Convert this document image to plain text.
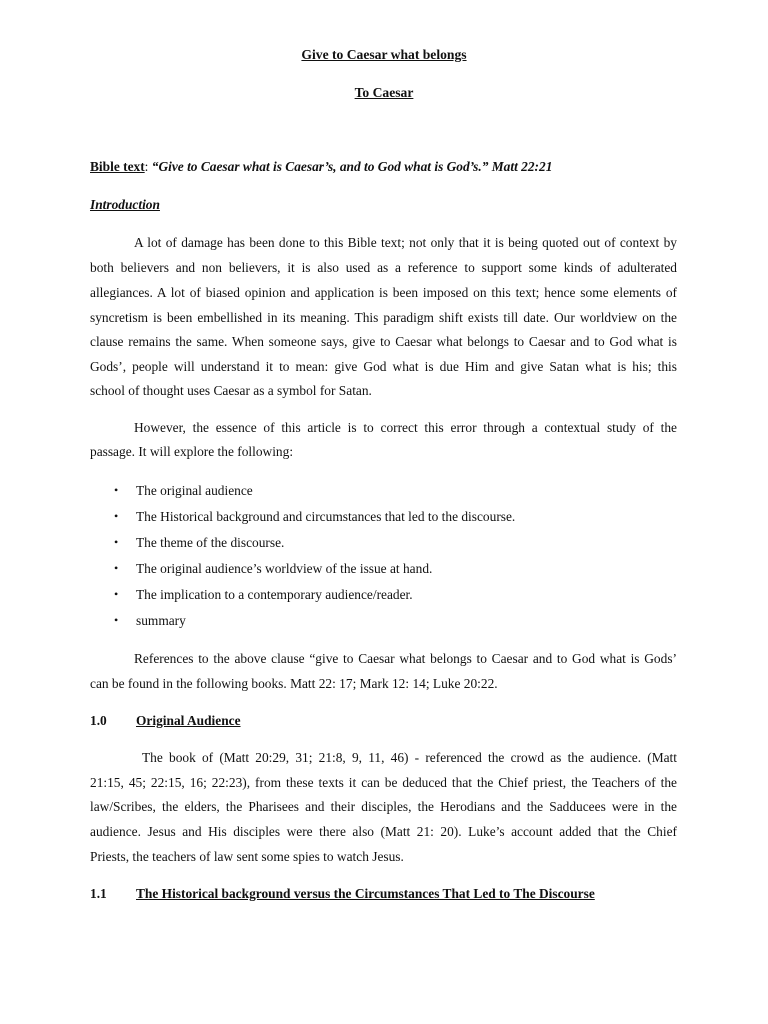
Give to Caesar what belongs
To Caesar
Bible text: “Give to Caesar what is Caesar’s, and to God what is God’s.” Matt 22:21
Introduction
A lot of damage has been done to this Bible text; not only that it is being quoted out of context by
both believers and non believers, it is also used as a reference to support some kinds of adulterated
allegiances. A lot of biased opinion and application is been imposed on this text; hence some elements of
syncretism is been embellished in its meaning. This paradigm shift exists till date. Our worldview on the
clause remains the same. When someone says, give to Caesar what belongs to Caesar and to God what is
Gods’, people will understand it to mean: give God what is due Him and give Satan what is his; this
school of thought uses Caesar as a symbol for Satan.
However, the essence of this article is to correct this error through a contextual study of the
passage. It will explore the following:
• The original audience
• The Historical background and circumstances that led to the discourse.
• The theme of the discourse.
• The original audience’s worldview of the issue at hand.
• The implication to a contemporary audience/reader.
• summary
References to the above clause “give to Caesar what belongs to Caesar and to God what is Gods’
can be found in the following books. Matt 22: 17; Mark 12: 14; Luke 20:22.
1.0 Original Audience
The book of (Matt 20:29, 31; 21:8, 9, 11, 46) - referenced the crowd as the audience. (Matt
21:15, 45; 22:15, 16; 22:23), from these texts it can be deduced that the Chief priest, the Teachers of the
law/Scribes, the elders, the Pharisees and their disciples, the Herodians and the Sadducees were in the
audience. Jesus and His disciples were there also (Matt 21: 20). Luke’s account added that the Chief
Priests, the teachers of law sent some spies to watch Jesus.
1.1 The Historical background versus the Circumstances That Led to The Discourse
